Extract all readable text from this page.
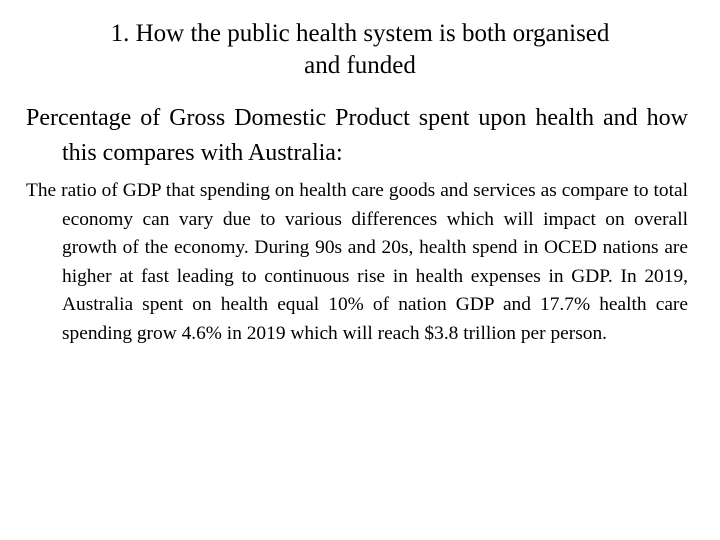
1. How the public health system is both organised
and funded

Percentage of Gross Domestic Product spent upon health and how this compares with Australia:

The ratio of GDP that spending on health care goods and services as compare to total economy can vary due to various differences which will impact on overall growth of the economy. During 90s and 20s, health spend in OCED nations are higher at fast leading to continuous rise in health expenses in GDP. In 2019, Australia spent on health equal 10% of nation GDP and 17.7% health care spending grow 4.6% in 2019 which will reach $3.8 trillion per person.
